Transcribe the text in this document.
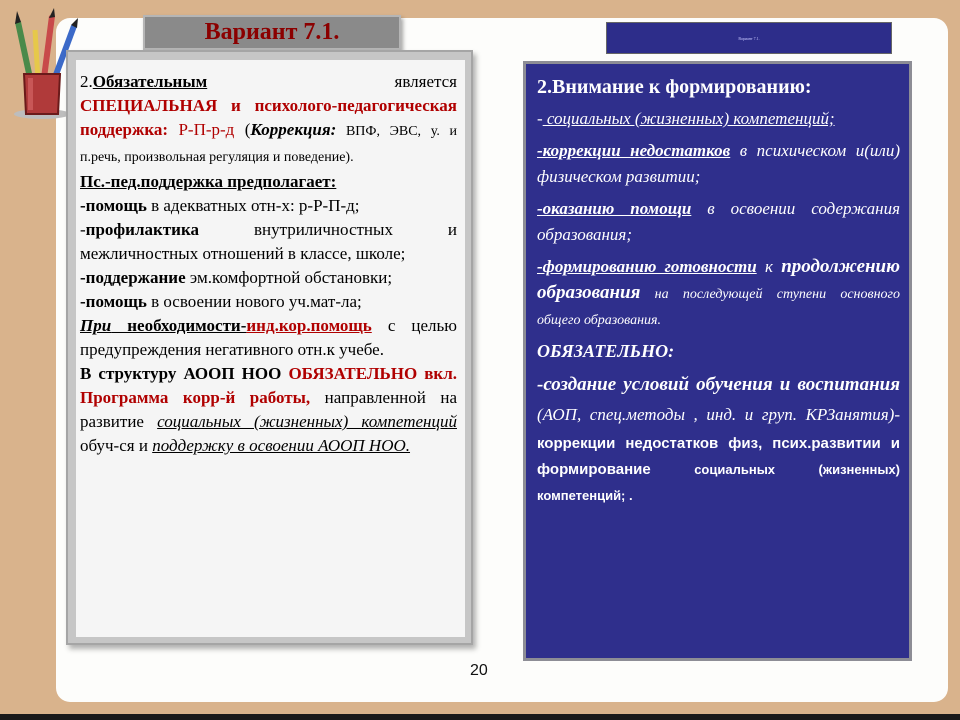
Вариант 7.1.	Вариант 7.1.

2.Обязательным	является

СПЕЦИАЛЬНАЯ и психолого-педагогическая поддержка: Р-П-р-д (Коррекция: ВПФ, ЭВС, у. и п.речь, произвольная регуляция и поведение).

Пс.-пед.поддержка предполагает:

-помощь в адекватных отн-х: р-Р-П-д;

-профилактика внутриличностных и межличностных отношений в классе, школе;

-поддержание эм.комфортной обстановки;

-помощь в освоении нового уч.мат-ла;

При необходимости-инд.кор.помощь с целью предупреждения негативного отн.к учебе.

В структуру АООП НОО ОБЯЗАТЕЛЬНО вкл. Программа корр-й работы, направленной на развитие социальных (жизненных) компетенций обуч-ся и поддержку в освоении АООП НОО.

2.Внимание к формированию:

- социальных (жизненных) компетенций;

-коррекции недостатков в психическом и(или) физическом развитии;

-оказанию помощи в освоении содержания образования;

-формированию готовности к продолжению образования на последующей ступени основного общего образования.

ОБЯЗАТЕЛЬНО:

-создание условий обучения и воспитания (АОП, спец.методы , инд. и груп. КРЗанятия)- коррекции недостатков физ, псих.развитии и формирование социальных (жизненных) компетенций; .

20
